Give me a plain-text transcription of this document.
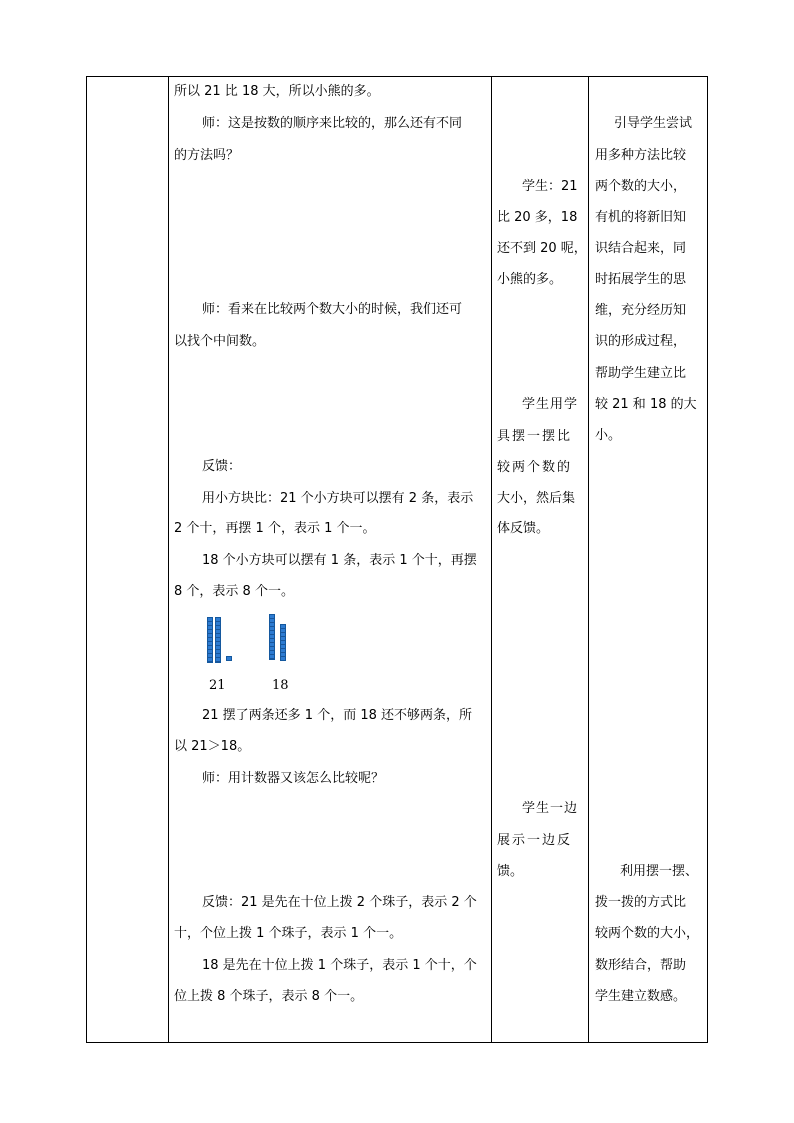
所以 21 比 18 大，所以小熊的多。
师：这是按数的顺序来比较的，那么还有不同
的方法吗？
师：看来在比较两个数大小的时候，我们还可
以找个中间数。
反馈：
用小方块比：21 个小方块可以摆有 2 条，表示
2 个十，再摆 1 个，表示 1 个一。
18 个小方块可以摆有 1 条，表示 1 个十，再摆
8 个，表示 8 个一。
21	18
21 摆了两条还多 1 个，而 18 还不够两条，所
以 21＞18。
师：用计数器又该怎么比较呢？
反馈：21 是先在十位上拨 2 个珠子，表示 2 个
十，个位上拨 1 个珠子，表示 1 个一。
18 是先在十位上拨 1 个珠子，表示 1 个十，个
位上拨 8 个珠子，表示 8 个一。
学生：21
比 20 多，18
还不到 20 呢，
小熊的多。
学生用学
具摆一摆比
较两个数的
大小，然后集
体反馈。
学生一边
展示一边反
馈。
引导学生尝试
用多种方法比较
两个数的大小，
有机的将新旧知
识结合起来，同
时拓展学生的思
维，充分经历知
识的形成过程，
帮助学生建立比
较 21 和 18 的大
小。
利用摆一摆、
拨一拨的方式比
较两个数的大小，
数形结合，帮助
学生建立数感。
